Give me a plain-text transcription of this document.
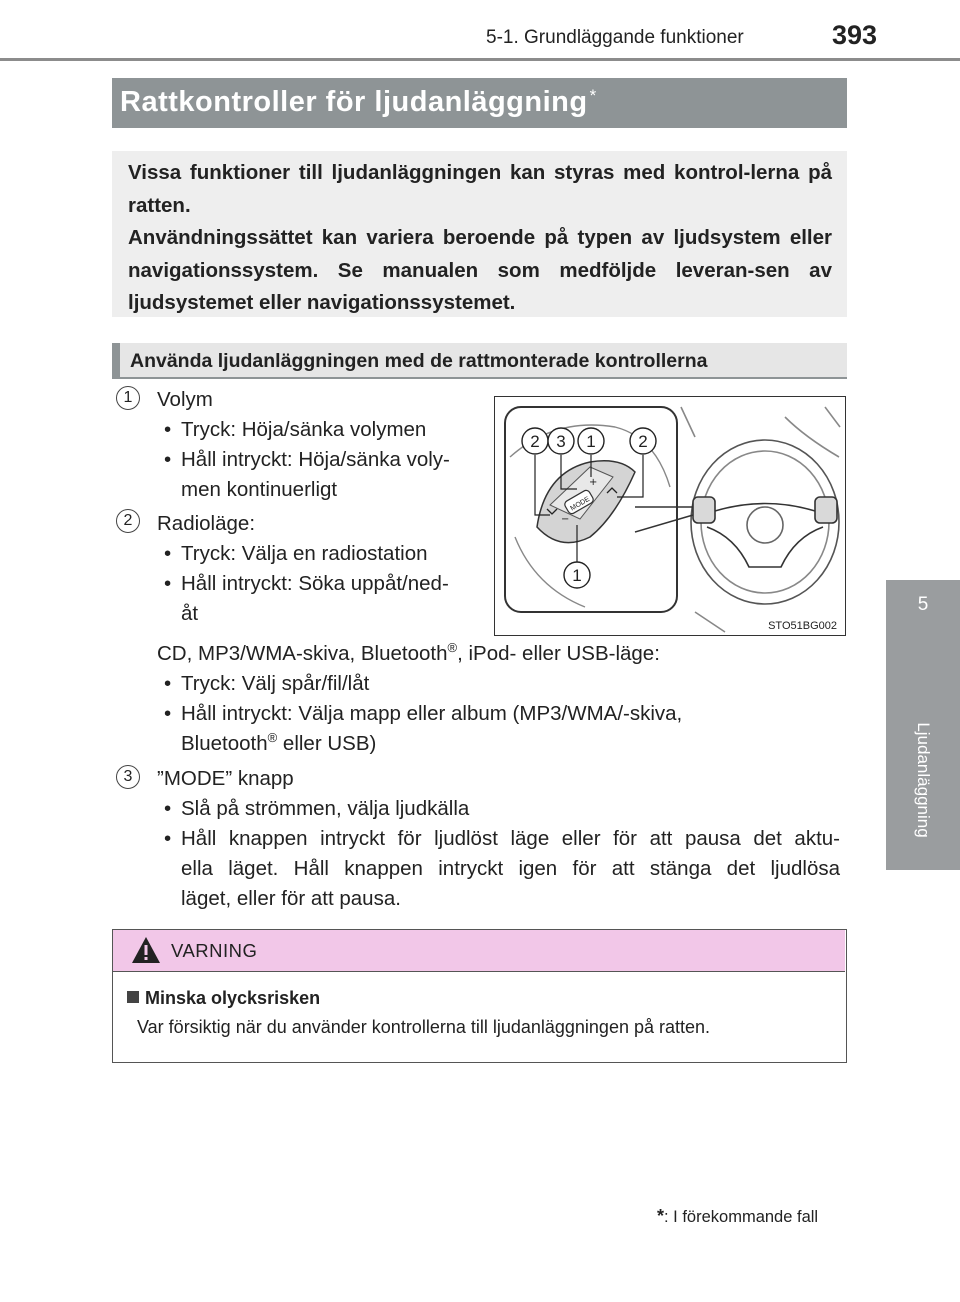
5-1. Grundläggande funktioner	393
5
Ljudanläggning
Rattkontroller för ljudanläggning *

Vissa funktioner till ljudanläggningen kan styras med kontrol-lerna på ratten.

Användningssättet kan variera beroende på typen av ljudsystem eller navigationssystem. Se manualen som medföljde leveran-sen av ljudsystemet eller navigationssystemet.

Använda ljudanläggningen med de rattmonterade kontrollerna
1	Volym
• Tryck: Höja/sänka volymen
• Håll intryckt: Höja/sänka voly-
men kontinuerligt
2	Radioläge:
• Tryck: Välja en radiostation
• Håll intryckt: Söka uppåt/ned-
åt
CD, MP3/WMA-skiva, Bluetooth®, iPod- eller USB-läge:
• Tryck: Välj spår/fil/låt
• Håll intryckt: Välja mapp eller album (MP3/WMA/-skiva,
Bluetooth® eller USB)
3	”MODE” knapp
• Slå på strömmen, välja ljudkälla
• Håll knappen intryckt för ljudlöst läge eller för att pausa det aktu-
ella läget. Håll knappen intryckt igen för att stänga det ljudlösa
läget, eller för att pausa.
MODE
+
−
2 3 1	2
1
STO51BG002
VARNING
Minska olycksrisken
Var försiktig när du använder kontrollerna till ljudanläggningen på ratten.
*: I förekommande fall
